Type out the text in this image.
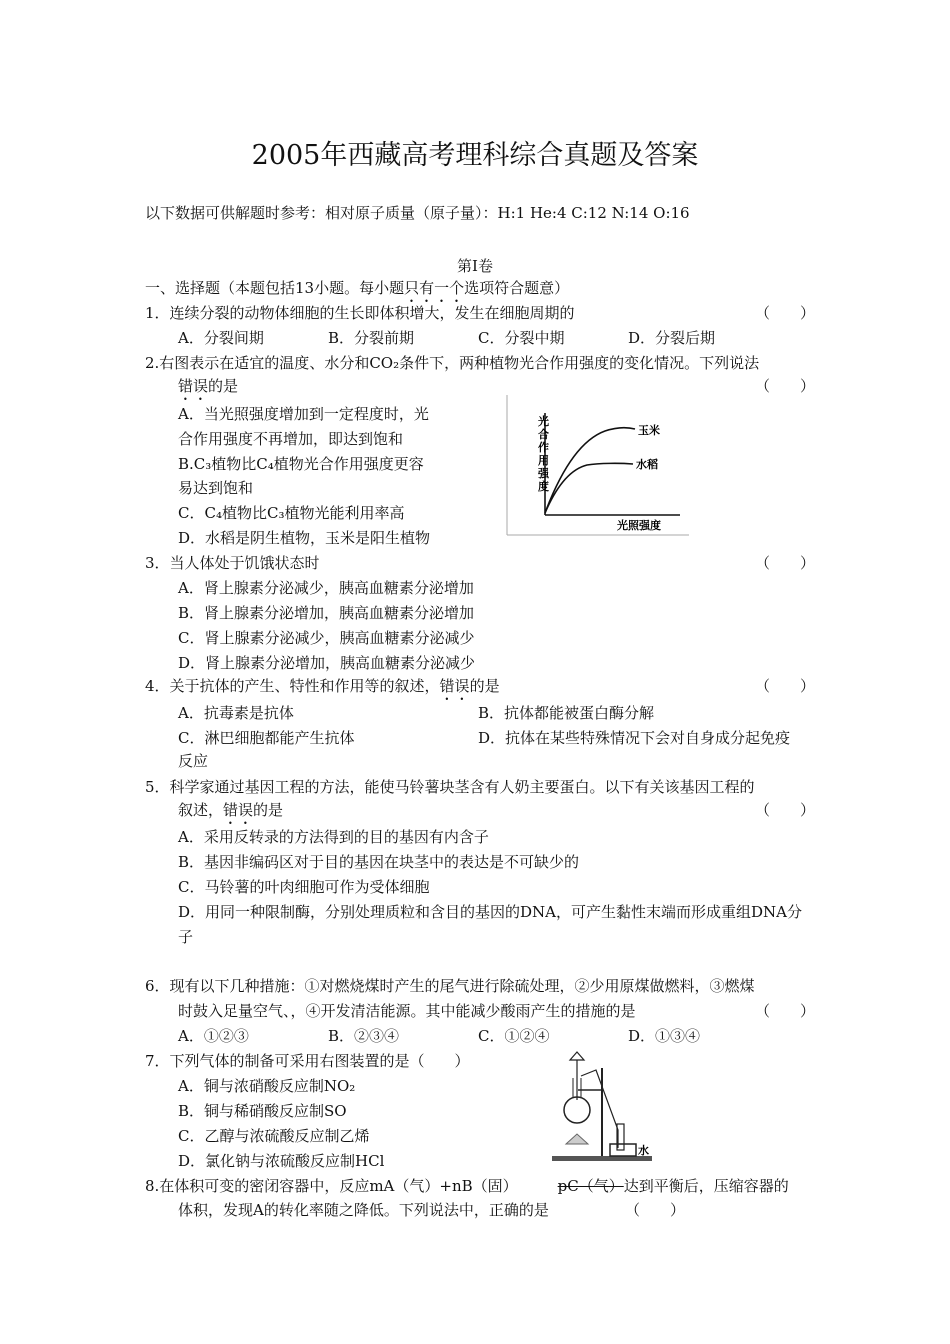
2005年西藏高考理科综合真题及答案
以下数据可供解题时参考：相对原子质量（原子量）：H:1 He:4 C:12 N:14 O:16
第Ⅰ卷
一、选择题（本题包括13小题。每小题只有一个选项符合题意）
1．连续分裂的动物体细胞的生长即体积增大，发生在细胞周期的	（　　）
A．分裂间期	B．分裂前期	C．分裂中期	D．分裂后期
2.右图表示在适宜的温度、水分和CO₂条件下，两种植物光合作用强度的变化情况。下列说法
错误的是	（　　）
A．当光照强度增加到一定程度时，光
合作用强度不再增加，即达到饱和
B.C₃植物比C₄植物光合作用强度更容
易达到饱和
C．C₄植物比C₃植物光能利用率高
D．水稻是阴生植物，玉米是阳生植物
玉米
水稻
光照强度
光合作用强度
3．当人体处于饥饿状态时	（　　）
A．肾上腺素分泌减少，胰高血糖素分泌增加
B．肾上腺素分泌增加，胰高血糖素分泌增加
C．肾上腺素分泌减少，胰高血糖素分泌减少
D．肾上腺素分泌增加，胰高血糖素分泌减少
4．关于抗体的产生、特性和作用等的叙述，错误的是	（　　）
A．抗毒素是抗体	B．抗体都能被蛋白酶分解
C．淋巴细胞都能产生抗体	D．抗体在某些特殊情况下会对自身成分起免疫
反应
5．科学家通过基因工程的方法，能使马铃薯块茎含有人奶主要蛋白。以下有关该基因工程的
叙述，错误的是	（　　）
A．采用反转录的方法得到的目的基因有内含子
B．基因非编码区对于目的基因在块茎中的表达是不可缺少的
C．马铃薯的叶肉细胞可作为受体细胞
D．用同一种限制酶，分别处理质粒和含目的基因的DNA，可产生黏性末端而形成重组DNA分
子
6．现有以下几种措施：①对燃烧煤时产生的尾气进行除硫处理，②少用原煤做燃料，③燃煤
时鼓入足量空气、，④开发清洁能源。其中能减少酸雨产生的措施的是	（　　）
A．①②③	B．②③④	C．①②④	D．①③④
7．下列气体的制备可采用右图装置的是（　　）
A．铜与浓硝酸反应制NO₂
B．铜与稀硝酸反应制SO
C．乙醇与浓硫酸反应制乙烯
D．氯化钠与浓硫酸反应制HCl
水
8.在体积可变的密闭容器中，反应mA（气）+nB（固）	pC（气）达到平衡后，压缩容器的
体积，发现A的转化率随之降低。下列说法中，正确的是	（　　）
